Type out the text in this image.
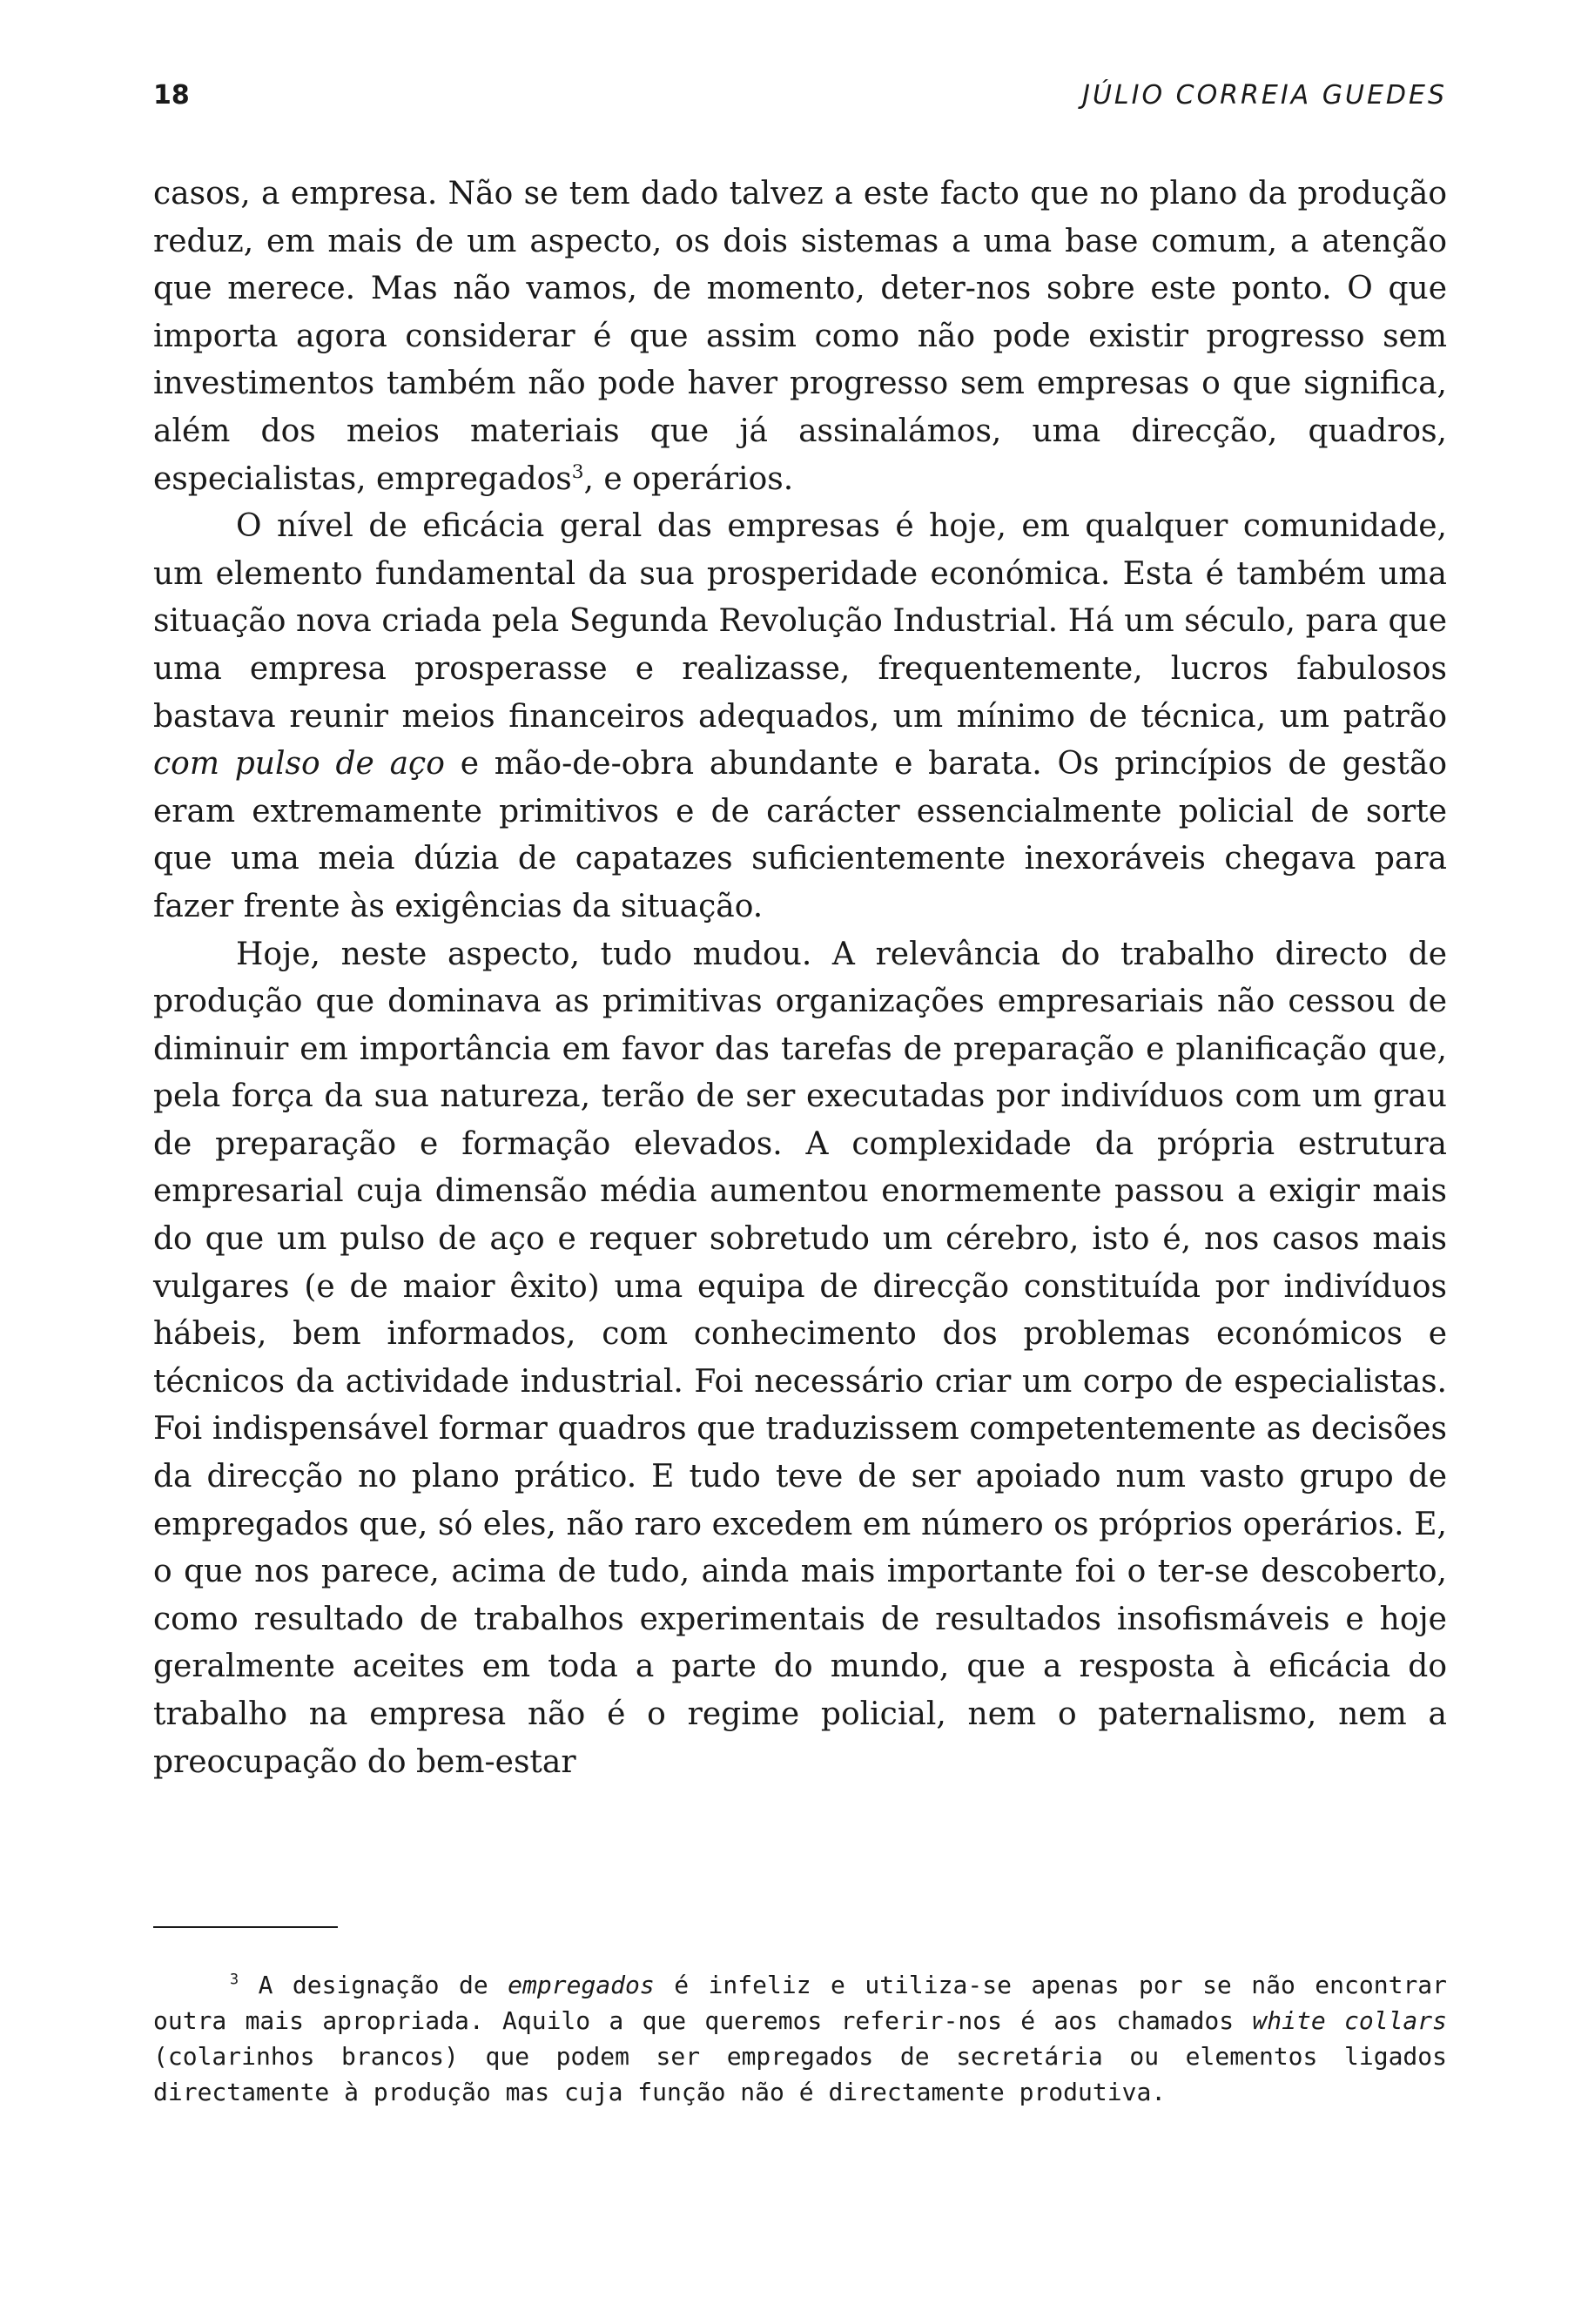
18	JÚLIO CORREIA GUEDES

casos, a empresa. Não se tem dado talvez a este facto que no plano da produção reduz, em mais de um aspecto, os dois sistemas a uma base comum, a atenção que merece. Mas não vamos, de momento, deter-nos sobre este ponto. O que importa agora considerar é que assim como não pode existir progresso sem investimentos também não pode haver progresso sem empresas o que significa, além dos meios materiais que já assinalámos, uma direcção, quadros, especialistas, empregados$^3$, e operários.

O nível de eficácia geral das empresas é hoje, em qualquer comunidade, um elemento fundamental da sua prosperidade económica. Esta é também uma situação nova criada pela Segunda Revolução Industrial. Há um século, para que uma empresa prosperasse e realizasse, frequentemente, lucros fabulosos bastava reunir meios financeiros adequados, um mínimo de técnica, um patrão com pulso de aço e mão-de-obra abundante e barata. Os princípios de gestão eram extremamente primitivos e de carácter essencialmente policial de sorte que uma meia dúzia de capatazes suficientemente inexoráveis chegava para fazer frente às exigências da situação.

Hoje, neste aspecto, tudo mudou. A relevância do trabalho directo de produção que dominava as primitivas organizações empresariais não cessou de diminuir em importância em favor das tarefas de preparação e planificação que, pela força da sua natureza, terão de ser executadas por indivíduos com um grau de preparação e formação elevados. A complexidade da própria estrutura empresarial cuja dimensão média aumentou enormemente passou a exigir mais do que um pulso de aço e requer sobretudo um cérebro, isto é, nos casos mais vulgares (e de maior êxito) uma equipa de direcção constituída por indivíduos hábeis, bem informados, com conhecimento dos problemas económicos e técnicos da actividade industrial. Foi necessário criar um corpo de especialistas. Foi indispensável formar quadros que traduzissem competentemente as decisões da direcção no plano prático. E tudo teve de ser apoiado num vasto grupo de empregados que, só eles, não raro excedem em número os próprios operários. E, o que nos parece, acima de tudo, ainda mais importante foi o ter-se descoberto, como resultado de trabalhos experimentais de resultados insofismáveis e hoje geralmente aceites em toda a parte do mundo, que a resposta à eficácia do trabalho na empresa não é o regime policial, nem o paternalismo, nem a preocupação do bem-estar

$^3$ A designação de empregados é infeliz e utiliza-se apenas por se não encontrar outra mais apropriada. Aquilo a que queremos referir-nos é aos chamados white collars (colarinhos brancos) que podem ser empregados de secretária ou elementos ligados directamente à produção mas cuja função não é directamente produtiva.
